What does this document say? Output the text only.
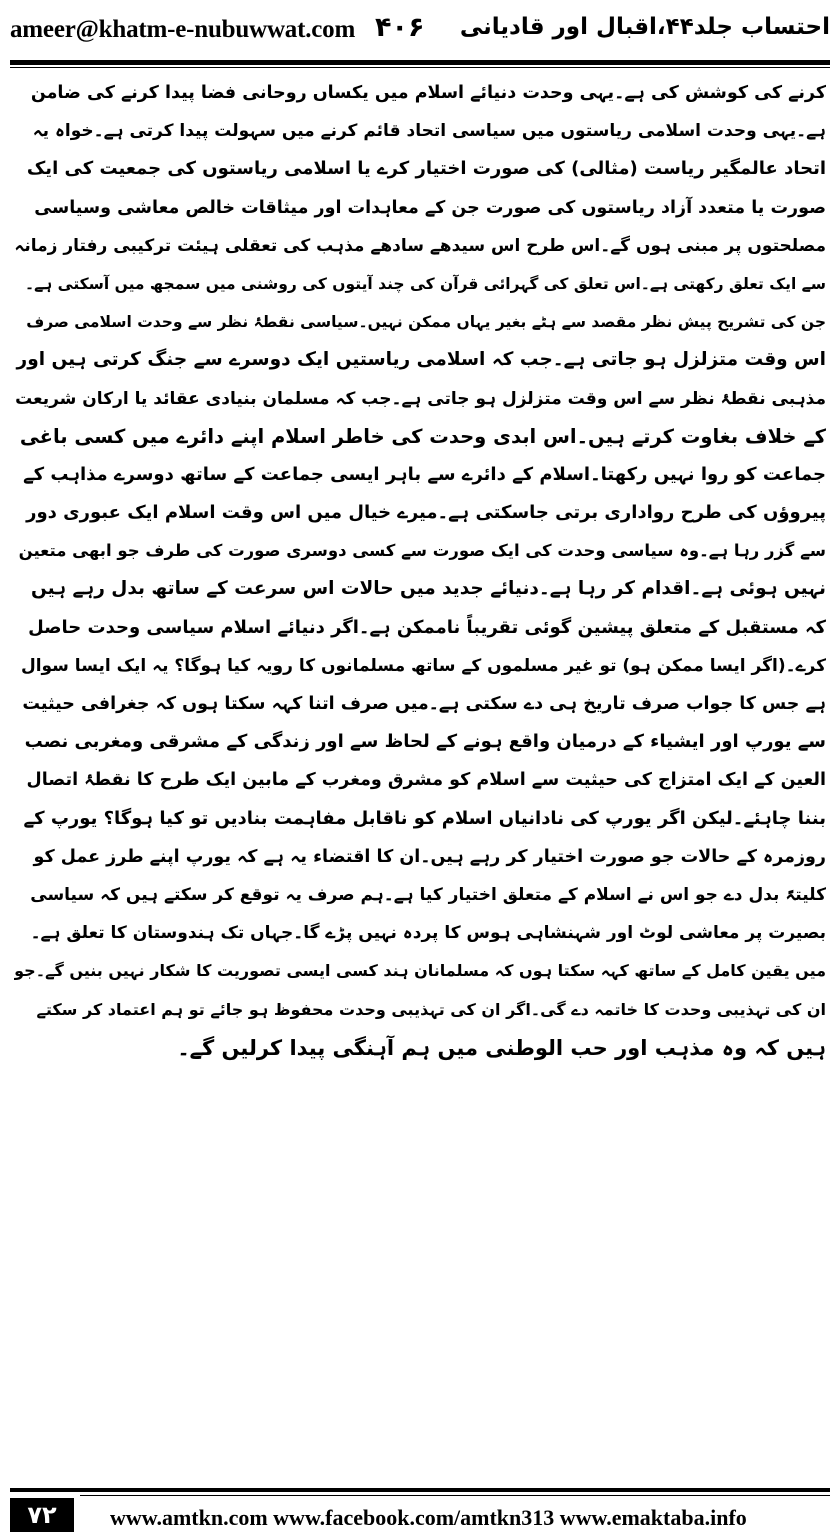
ameer@khatm-e-nubuwwat.com ۴۰۶ احتساب جلد۴۴،اقبال اور قادیانی
کرنے کی کوشش کی ہے۔یہی وحدت دنیائے اسلام میں یکساں روحانی فضا پیدا کرنے کی ضامن
ہے۔یہی وحدت اسلامی ریاستوں میں سیاسی اتحاد قائم کرنے میں سہولت پیدا کرتی ہے۔خواہ یہ
اتحاد عالمگیر ریاست (مثالی) کی صورت اختیار کرے یا اسلامی ریاستوں کی جمعیت کی ایک
صورت یا متعدد آزاد ریاستوں کی صورت جن کے معاہدات اور میثاقات خالص معاشی وسیاسی
مصلحتوں پر مبنی ہوں گے۔اس طرح اس سیدھے سادھے مذہب کی تعقلی ہیئت ترکیبی رفتار زمانہ
سے ایک تعلق رکھتی ہے۔اس تعلق کی گہرائی قرآن کی چند آیتوں کی روشنی میں سمجھ میں آسکتی ہے۔
جن کی تشریح پیش نظر مقصد سے ہٹے بغیر یہاں ممکن نہیں۔سیاسی نقطۂ نظر سے وحدت اسلامی صرف
اس وقت متزلزل ہو جاتی ہے۔جب کہ اسلامی ریاستیں ایک دوسرے سے جنگ کرتی ہیں اور
مذہبی نقطۂ نظر سے اس وقت متزلزل ہو جاتی ہے۔جب کہ مسلمان بنیادی عقائد یا ارکان شریعت
کے خلاف بغاوت کرتے ہیں۔اس ابدی وحدت کی خاطر اسلام اپنے دائرے میں کسی باغی
جماعت کو روا نہیں رکھتا۔اسلام کے دائرے سے باہر ایسی جماعت کے ساتھ دوسرے مذاہب کے
پیروؤں کی طرح رواداری برتی جاسکتی ہے۔میرے خیال میں اس وقت اسلام ایک عبوری دور
سے گزر رہا ہے۔وہ سیاسی وحدت کی ایک صورت سے کسی دوسری صورت کی طرف جو ابھی متعین
نہیں ہوئی ہے۔اقدام کر رہا ہے۔دنیائے جدید میں حالات اس سرعت کے ساتھ بدل رہے ہیں
کہ مستقبل کے متعلق پیشین گوئی تقریباً ناممکن ہے۔اگر دنیائے اسلام سیاسی وحدت حاصل
کرے۔(اگر ایسا ممکن ہو) تو غیر مسلموں کے ساتھ مسلمانوں کا رویہ کیا ہوگا؟ یہ ایک ایسا سوال
ہے جس کا جواب صرف تاریخ ہی دے سکتی ہے۔میں صرف اتنا کہہ سکتا ہوں کہ جغرافی حیثیت
سے یورپ اور ایشیاء کے درمیان واقع ہونے کے لحاظ سے اور زندگی کے مشرقی ومغربی نصب
العین کے ایک امتزاج کی حیثیت سے اسلام کو مشرق ومغرب کے مابین ایک طرح کا نقطۂ اتصال
بننا چاہئے۔لیکن اگر یورپ کی نادانیاں اسلام کو ناقابل مفاہمت بنادیں تو کیا ہوگا؟ یورپ کے
روزمرہ کے حالات جو صورت اختیار کر رہے ہیں۔ان کا اقتضاء یہ ہے کہ یورپ اپنے طرز عمل کو
کلیتہً بدل دے جو اس نے اسلام کے متعلق اختیار کیا ہے۔ہم صرف یہ توقع کر سکتے ہیں کہ سیاسی
بصیرت پر معاشی لوٹ اور شہنشاہی ہوس کا پردہ نہیں پڑے گا۔جہاں تک ہندوستان کا تعلق ہے۔
میں یقین کامل کے ساتھ کہہ سکتا ہوں کہ مسلمانان ہند کسی ایسی تصوریت کا شکار نہیں بنیں گے۔جو
ان کی تہذیبی وحدت کا خاتمہ دے گی۔اگر ان کی تہذیبی وحدت محفوظ ہو جائے تو ہم اعتماد کر سکتے
ہیں کہ وہ مذہب اور حب الوطنی میں ہم آہنگی پیدا کرلیں گے۔
۷۲	www.amtkn.com www.facebook.com/amtkn313 www.emaktaba.info
